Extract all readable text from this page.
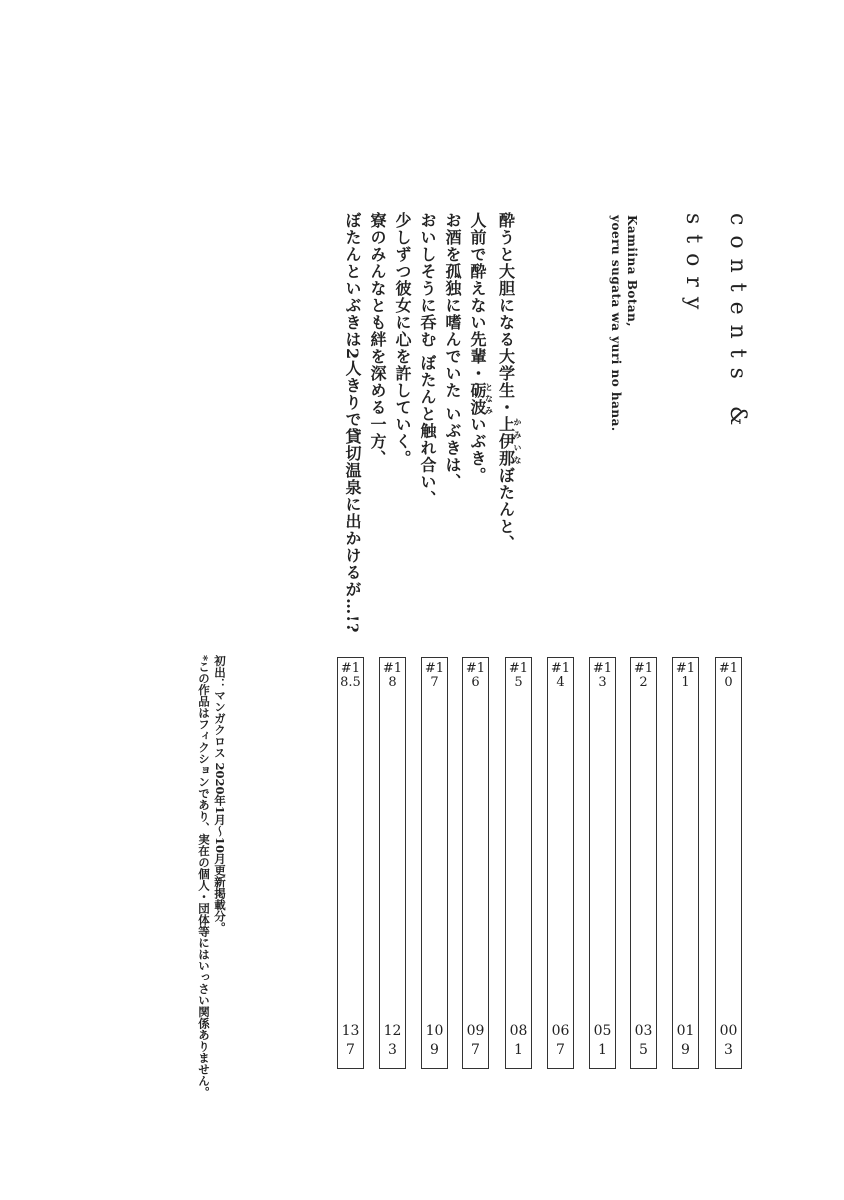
contents &
story
Kamiina Botan,
yoeru sugata wa yuri no hana.
酔うと大胆になる大学生・上伊那かみいなぼたんと、
人前で酔えない先輩・砺波となみいぶき。
お酒を孤独に嗜んでいた いぶきは、
おいしそうに呑む ぼたんと触れ合い、
少しずつ彼女に心を許していく。
寮のみんなとも絆を深める一方、
ぼたんといぶきは2人きりで貸切温泉に出かけるが…!?
#10
003
#11
019
#12
035
#13
051
#14
067
#15
081
#16
097
#17
109
#18
123
#18.5
137
初出：マンガクロス 2020年1月〜10月更新掲載分。
*この作品はフィクションであり、実在の個人・団体等にはいっさい関係ありません。
